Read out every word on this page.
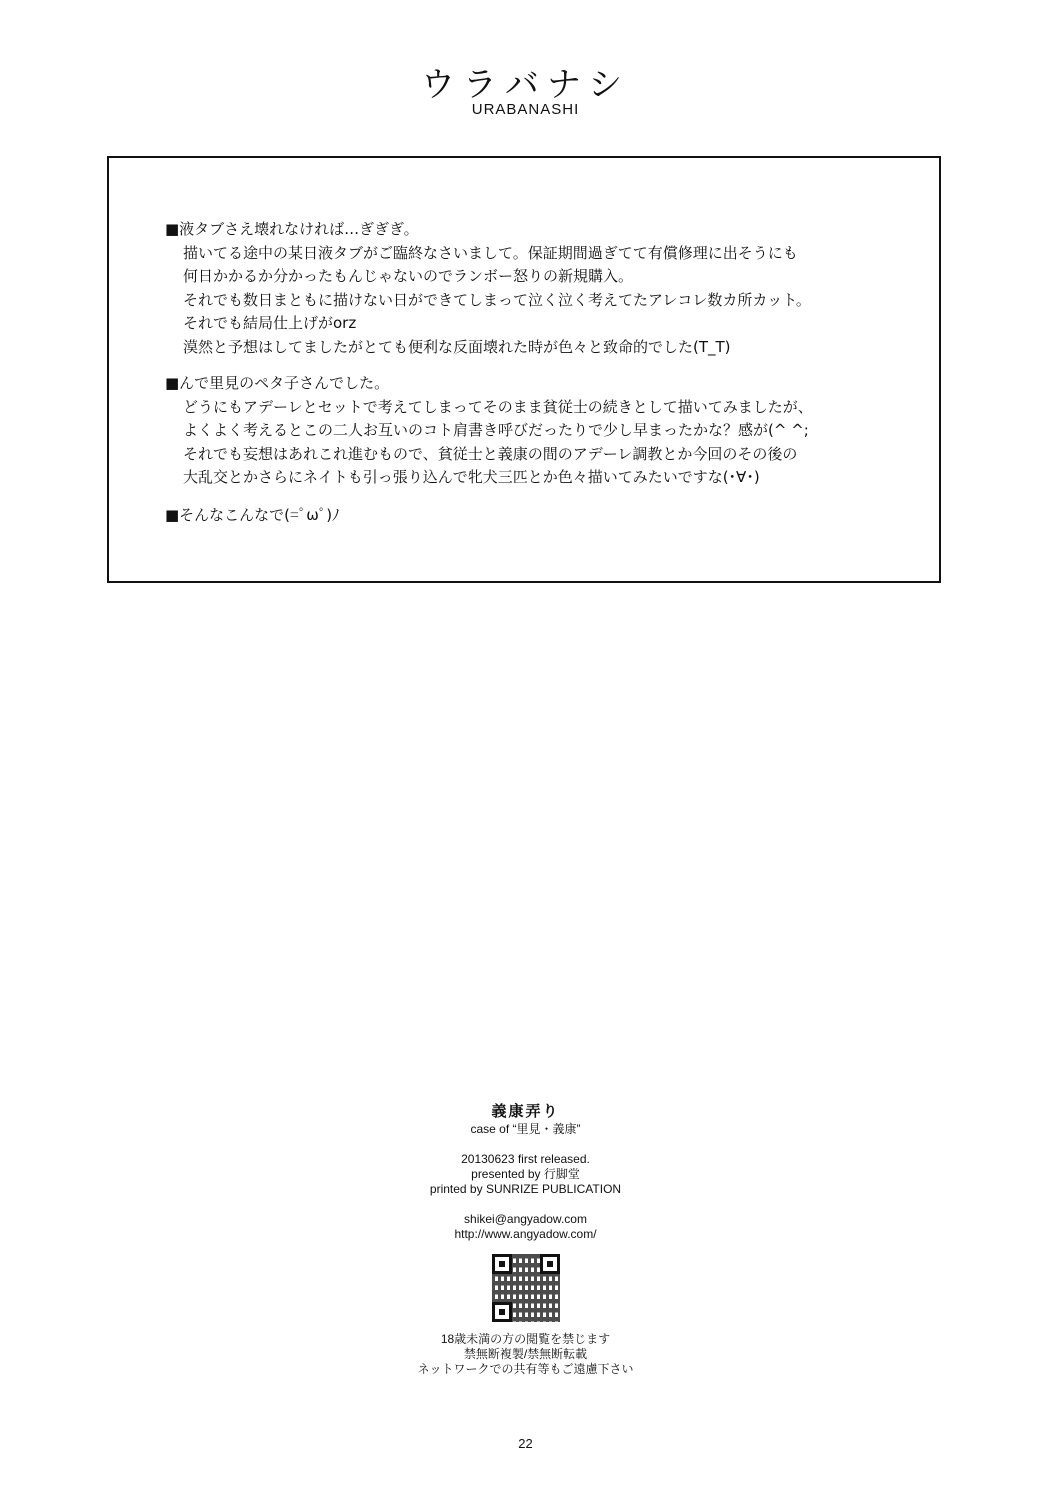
ウラバナシ
URABANASHI
■液タブさえ壊れなければ…ぎぎぎ。
描いてる途中の某日液タブがご臨終なさいまして。保証期間過ぎてて有償修理に出そうにも
何日かかるか分かったもんじゃないのでランボー怒りの新規購入。
それでも数日まともに描けない日ができてしまって泣く泣く考えてたアレコレ数カ所カット。
それでも結局仕上げがorz
漠然と予想はしてましたがとても便利な反面壊れた時が色々と致命的でした(T_T)
■んで里見のペタ子さんでした。
どうにもアデーレとセットで考えてしまってそのまま貧従士の続きとして描いてみましたが、
よくよく考えるとこの二人お互いのコト肩書き呼びだったりで少し早まったかな？感が(^ ^;
それでも妄想はあれこれ進むもので、貧従士と義康の間のアデーレ調教とか今回のその後の
大乱交とかさらにネイトも引っ張り込んで牝犬三匹とか色々描いてみたいですな(･∀･)
■そんなこんなで(=ﾟωﾟ)ﾉ
義康弄り
case of “里見・義康”
20130623 first released.
presented by 行脚堂
printed by SUNRIZE PUBLICATION
shikei@angyadow.com
http://www.angyadow.com/
18歳未満の方の閲覧を禁じます
禁無断複製/禁無断転載
ネットワークでの共有等もご遠慮下さい
22
